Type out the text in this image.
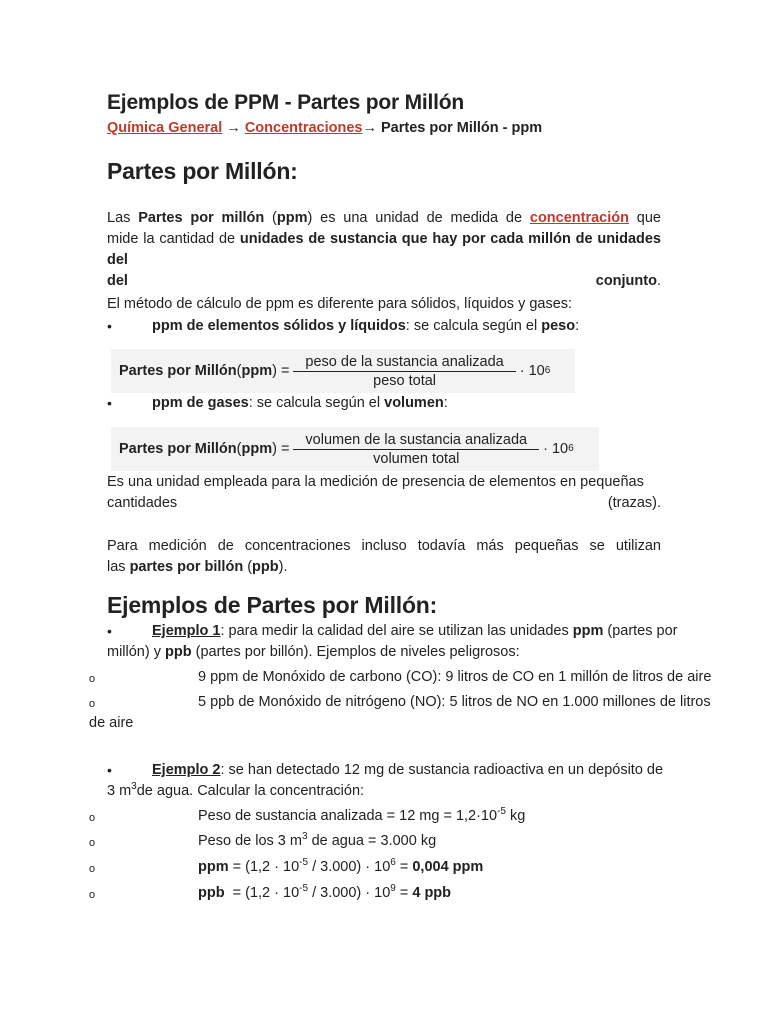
Ejemplos de PPM - Partes por Millón
Química General → Concentraciones→ Partes por Millón - ppm
Partes por Millón:
Las Partes por millón (ppm) es una unidad de medida de concentración que
mide la cantidad de unidades de sustancia que hay por cada millón de unidades del
del	conjunto.
El método de cálculo de ppm es diferente para sólidos, líquidos y gases:
•	ppm de elementos sólidos y líquidos: se calcula según el peso:
Partes por Millón ( ppm ) = $\frac{\text{peso de la sustancia analizada}}{\text{peso total}} \cdot 10$ 6
•	ppm de gases: se calcula según el volumen:
Partes por Millón ( ppm ) = $\frac{\text{volumen de la sustancia analizada}}{\text{volumen total}} \cdot 10$ 6
Es una unidad empleada para la medición de presencia de elementos en pequeñas
cantidades	(trazas).
Para medición de concentraciones incluso todavía más pequeñas se utilizan
las partes por billón (ppb).
Ejemplos de Partes por Millón:
•	Ejemplo 1: para medir la calidad del aire se utilizan las unidades ppm (partes por
millón) y ppb (partes por billón). Ejemplos de niveles peligrosos:
o	9 ppm de Monóxido de carbono (CO): 9 litros de CO en 1 millón de litros de aire
o	5 ppb de Monóxido de nitrógeno (NO): 5 litros de NO en 1.000 millones de litros
de aire
•	Ejemplo 2: se han detectado 12 mg de sustancia radioactiva en un depósito de
3 $m^3de$ agua. Calcular la concentración:
o	Peso de sustancia analizada = 12 mg = $1,2\cdot 10^{-5}$ kg
o	Peso de los 3 $m^3$ de agua = 3.000 kg
o	ppm = $(1,2 \cdot 10^{-5} / 3.000) \cdot 10^6 = 0,004$ ppm
o	ppb  = $(1,2 \cdot 10^{-5} / 3.000) \cdot 10^9 = 4$ ppb
